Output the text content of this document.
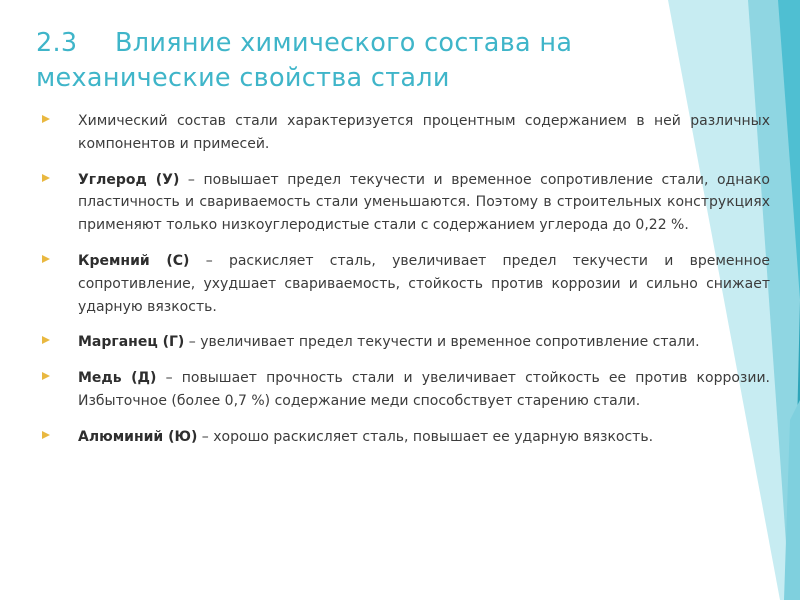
2.3 Влияние химического состава на механические свойства стали
Химический состав стали характеризуется процентным содержанием в ней различных компонентов и примесей.
Углерод (У) – повышает предел текучести и временное сопротивление стали, однако пластичность и свариваемость стали уменьшаются. Поэтому в строительных конструкциях применяют только низкоуглеродистые стали с содержанием углерода до 0,22 %.
Кремний (С) – раскисляет сталь, увеличивает предел текучести и временное сопротивление, ухудшает свариваемость, стойкость против коррозии и сильно снижает ударную вязкость.
Марганец (Г) – увеличивает предел текучести и временное сопротивление стали.
Медь (Д) – повышает прочность стали и увеличивает стойкость ее против коррозии. Избыточное (более 0,7 %) содержание меди способствует старению стали.
Алюминий (Ю) – хорошо раскисляет сталь, повышает ее ударную вязкость.
